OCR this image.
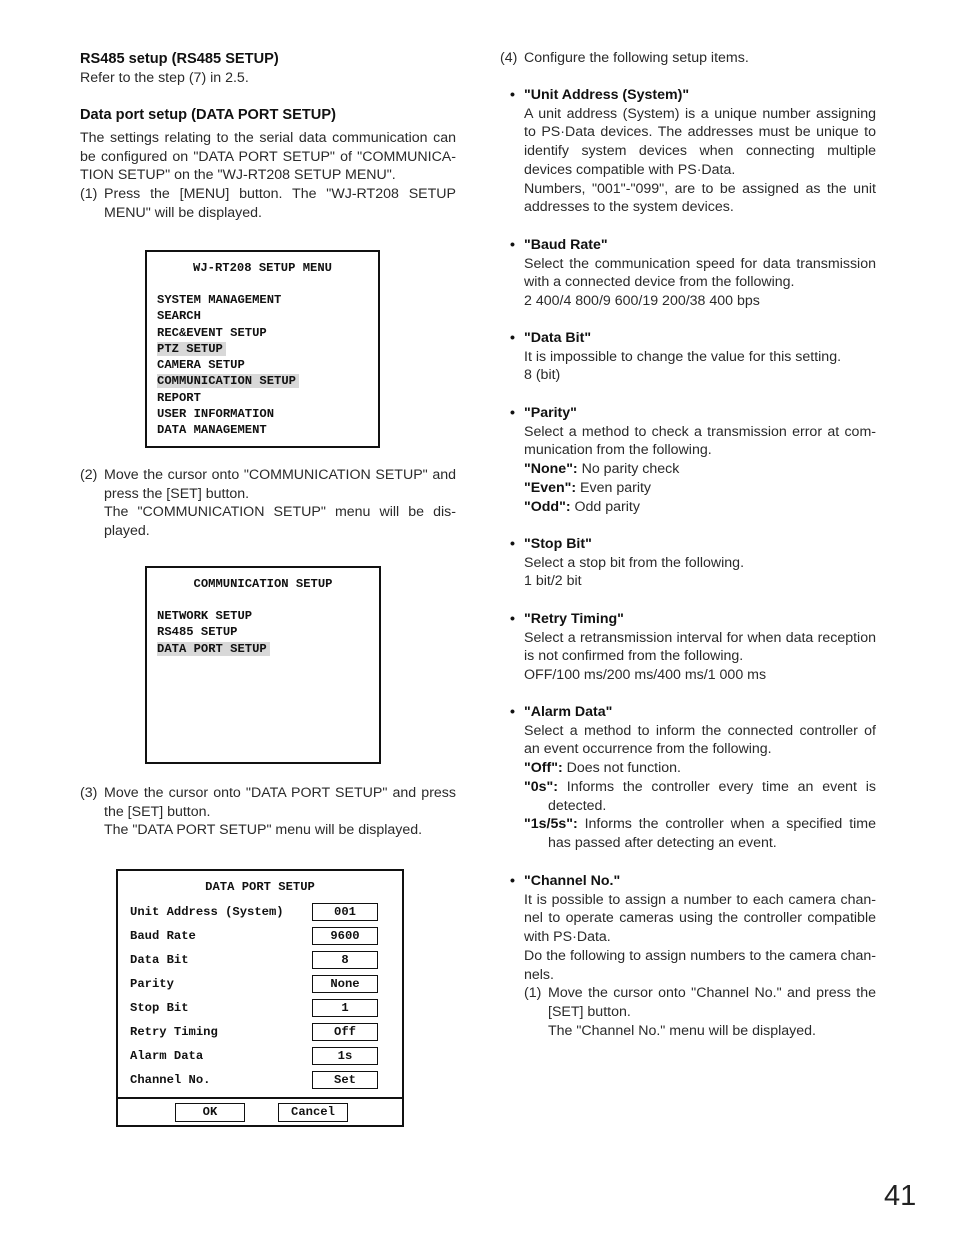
RS485 setup (RS485 SETUP)

Refer to the step (7) in 2.5.

Data port setup (DATA PORT SETUP)

The settings relating to the serial data communication can be configured on "DATA PORT SETUP" of "COMMUNICA-TION SETUP" on the "WJ-RT208 SETUP MENU".

(1) Press the [MENU] button. The "WJ-RT208 SETUP MENU" will be displayed.
(2) Move the cursor onto "COMMUNICATION SETUP" and press the [SET] button.
The "COMMUNICATION SETUP" menu will be dis-played.
(3) Move the cursor onto "DATA PORT SETUP" and press the [SET] button.
The "DATA PORT SETUP" menu will be displayed.
WJ-RT208 SETUP MENU
SYSTEM MANAGEMENT
SEARCH
REC&EVENT SETUP
PTZ SETUP
CAMERA SETUP
COMMUNICATION SETUP
REPORT
USER INFORMATION
DATA MANAGEMENT
COMMUNICATION SETUP
NETWORK SETUP
RS485 SETUP
DATA PORT SETUP
DATA PORT SETUP
Unit Address (System)	001
Baud Rate	9600
Data Bit	8
Parity	None
Stop Bit	1
Retry Timing	Off
Alarm Data	1s
Channel No.	Set
OK	Cancel
(4) Configure the following setup items.
• "Unit Address (System)"
A unit address (System) is a unique number assigning to PS·Data devices. The addresses must be unique to identify system devices when connecting multiple devices compatible with PS·Data.
Numbers, "001"-"099", are to be assigned as the unit addresses to the system devices.
• "Baud Rate"
Select the communication speed for data transmission with a connected device from the following.
2 400/4 800/9 600/19 200/38 400 bps
• "Data Bit"
It is impossible to change the value for this setting.
8 (bit)
• "Parity"
Select a method to check a transmission error at com-munication from the following.
"None": No parity check
"Even": Even parity
"Odd": Odd parity
• "Stop Bit"
Select a stop bit from the following.
1 bit/2 bit
• "Retry Timing"
Select a retransmission interval for when data reception is not confirmed from the following.
OFF/100 ms/200 ms/400 ms/1 000 ms
• "Alarm Data"
Select a method to inform the connected controller of an event occurrence from the following.
"Off": Does not function.
"0s": Informs the controller every time an event is detected.
"1s/5s": Informs the controller when a specified time has passed after detecting an event.
• "Channel No."
It is possible to assign a number to each camera chan-nel to operate cameras using the controller compatible with PS·Data.
Do the following to assign numbers to the camera chan-nels.
(1) Move the cursor onto "Channel No." and press the [SET] button.
The "Channel No." menu will be displayed.
41
